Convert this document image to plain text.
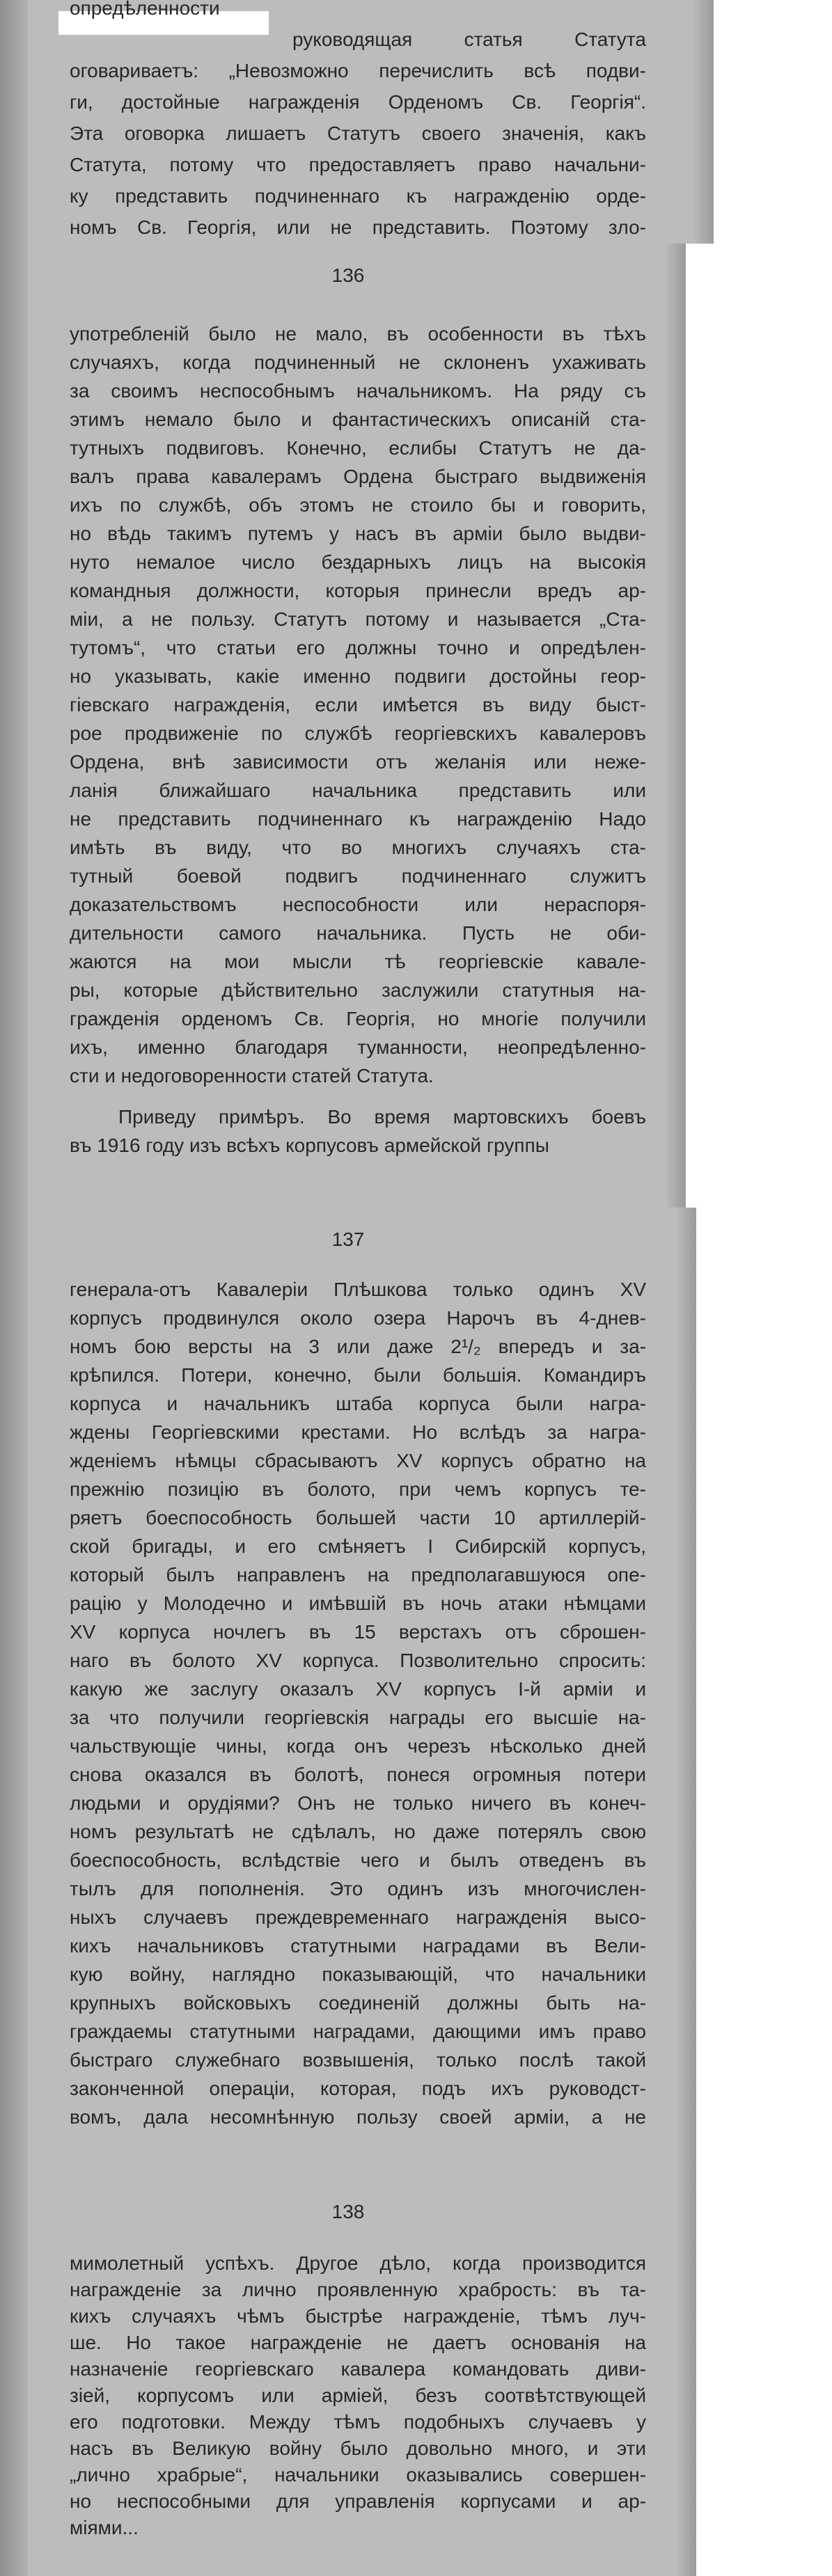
опредѣленности
руководящая статья Статута
оговариваетъ: „Невозможно перечислить всѣ подви-
ги, достойные награжденія Орденомъ Св. Георгія“.
Эта оговорка лишаетъ Статутъ своего значенія, какъ
Статута, потому что предоставляетъ право начальни-
ку представить подчиненнаго къ награжденію орде-
номъ Св. Георгія, или не представить. Поэтому зло-
136
употребленій было не мало, въ особенности въ тѣхъ
случаяхъ, когда подчиненный не склоненъ ухаживать
за своимъ неспособнымъ начальникомъ. На ряду съ
этимъ немало было и фантастическихъ описаній ста-
тутныхъ подвиговъ. Конечно, еслибы Статутъ не да-
валъ права кавалерамъ Ордена быстраго выдвиженія
ихъ по службѣ, объ этомъ не стоило бы и говорить,
но вѣдь такимъ путемъ у насъ въ арміи было выдви-
нуто немалое число бездарныхъ лицъ на высокія
командныя должности, которыя принесли вредъ ар-
міи, а не пользу. Статутъ потому и называется „Ста-
тутомъ“, что статьи его должны точно и опредѣлен-
но указывать, какіе именно подвиги достойны геор-
гіевскаго награжденія, если имѣется въ виду быст-
рое продвиженіе по службѣ георгіевскихъ кавалеровъ
Ордена, внѣ зависимости отъ желанія или неже-
ланія ближайшаго начальника представить или
не представить подчиненнаго къ награжденію Надо
имѣть въ виду, что во многихъ случаяхъ ста-
тутный боевой подвигъ подчиненнаго служитъ
доказательствомъ неспособности или нераспоря-
дительности самого начальника. Пусть не оби-
жаются на мои мысли тѣ георгіевскіе кавале-
ры, которые дѣйствительно заслужили статутныя на-
гражденія орденомъ Св. Георгія, но многіе получили
ихъ, именно благодаря туманности, неопредѣленно-
сти и недоговоренности статей Статута.
Приведу примѣръ. Во время мартовскихъ боевъ
въ 1916 году изъ всѣхъ корпусовъ армейской группы
137
генерала-отъ Кавалеріи Плѣшкова только одинъ XV
корпусъ продвинулся около озера Нарочъ въ 4-днев-
номъ бою версты на 3 или даже 2¹/₂ впередъ и за-
крѣпился. Потери, конечно, были большія. Командиръ
корпуса и начальникъ штаба корпуса были награ-
ждены Георгіевскими крестами. Но вслѣдъ за награ-
жденіемъ нѣмцы сбрасываютъ XV корпусъ обратно на
прежнію позицію въ болото, при чемъ корпусъ те-
ряетъ боеспособность большей части 10 артиллерій-
ской бригады, и его смѣняетъ I Сибирскій корпусъ,
который былъ направленъ на предполагавшуюся опе-
рацію у Молодечно и имѣвшій въ ночь атаки нѣмцами
XV корпуса ночлегъ въ 15 верстахъ отъ сброшен-
наго въ болото XV корпуса. Позволительно спросить:
какую же заслугу оказалъ XV корпусъ I-й арміи и
за что получили георгіевскія награды его высшіе на-
чальствующіе чины, когда онъ черезъ нѣсколько дней
снова оказался въ болотѣ, понеся огромныя потери
людьми и орудіями? Онъ не только ничего въ конеч-
номъ результатѣ не сдѣлалъ, но даже потерялъ свою
боеспособность, вслѣдствіе чего и былъ отведенъ въ
тылъ для пополненія. Это одинъ изъ многочислен-
ныхъ случаевъ преждевременнаго награжденія высо-
кихъ начальниковъ статутными наградами въ Вели-
кую войну, наглядно показывающій, что начальники
крупныхъ войсковыхъ соединеній должны быть на-
граждаемы статутными наградами, дающими имъ право
быстраго служебнаго возвышенія, только послѣ такой
законченной операціи, которая, подъ ихъ руководст-
вомъ, дала несомнѣнную пользу своей арміи, а не
138
мимолетный успѣхъ. Другое дѣло, когда производится
награжденіе за лично проявленную храбрость: въ та-
кихъ случаяхъ чѣмъ быстрѣе награжденіе, тѣмъ луч-
ше. Но такое награжденіе не даетъ основанія на
назначеніе георгіевскаго кавалера командовать диви-
зіей, корпусомъ или арміей, безъ соотвѣтствующей
его подготовки. Между тѣмъ подобныхъ случаевъ у
насъ въ Великую войну было довольно много, и эти
„лично храбрые“, начальники оказывались совершен-
но неспособными для управленія корпусами и ар-
міями...
